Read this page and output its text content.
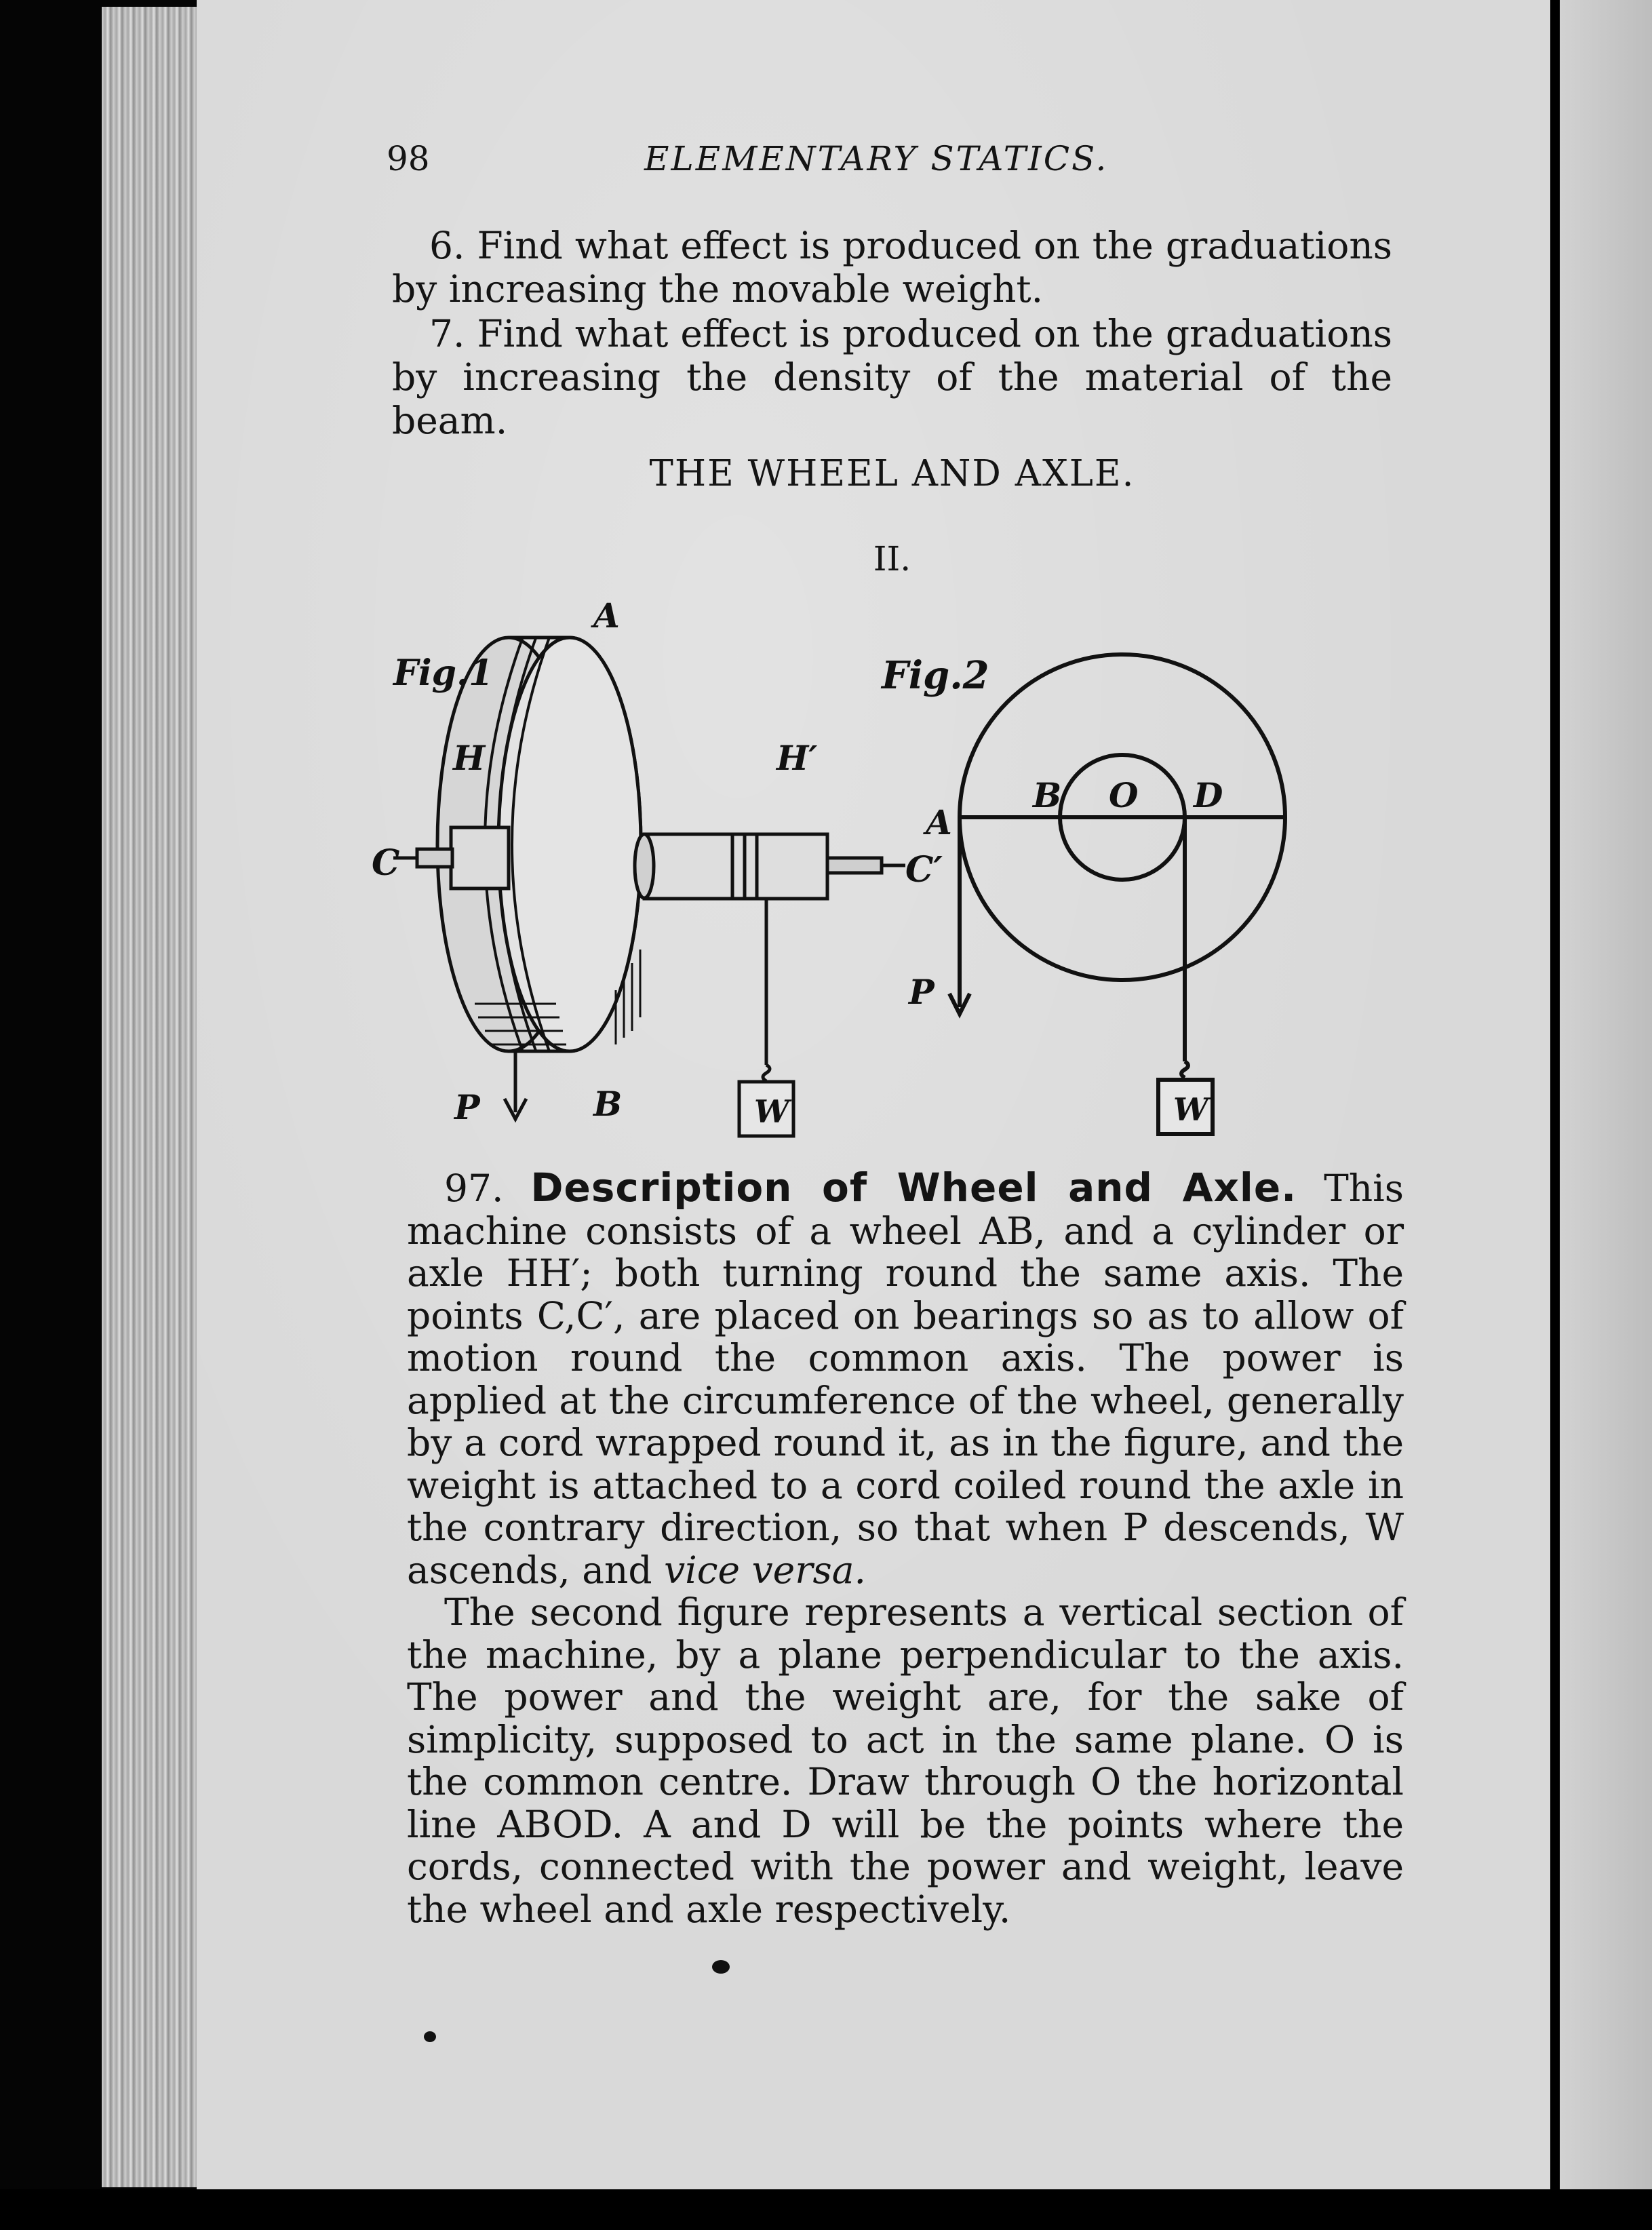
98	ELEMENTARY STATICS.
6. Find what effect is produced on the graduations by increasing the movable weight.
7. Find what effect is produced on the graduations by increasing the density of the material of the beam.
THE WHEEL AND AXLE.
II.
Fig.1
A
H	H′
C	C′
P	B	W
Fig.2
A
B O D
P
W

97. Description of Wheel and Axle. This machine consists of a wheel AB, and a cylinder or axle HH′; both turning round the same axis. The points C,C′, are placed on bearings so as to allow of motion round the common axis. The power is applied at the circumference of the wheel, generally by a cord wrapped round it, as in the figure, and the weight is attached to a cord coiled round the axle in the contrary direction, so that when P descends, W ascends, and vice versa.

The second figure represents a vertical section of the machine, by a plane perpendicular to the axis. The power and the weight are, for the sake of simplicity, supposed to act in the same plane. O is the common centre. Draw through O the horizontal line ABOD. A and D will be the points where the cords, connected with the power and weight, leave the wheel and axle respectively.
